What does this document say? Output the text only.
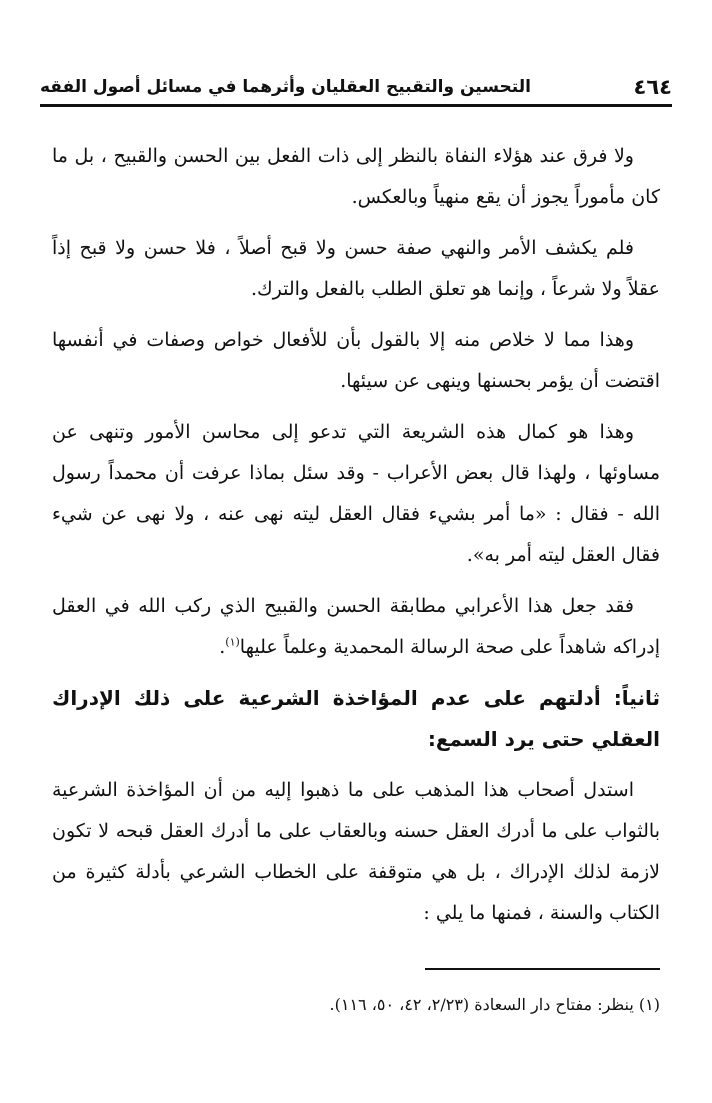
٤٦٤
التحسين والتقبيح العقليان وأثرهما في مسائل أصول الفقه

ولا فرق عند هؤلاء النفاة بالنظر إلى ذات الفعل بين الحسن والقبيح ، بل ما كان مأموراً يجوز أن يقع منهياً وبالعكس.

فلم يكشف الأمر والنهي صفة حسن ولا قبح أصلاً ، فلا حسن ولا قبح إذاً عقلاً ولا شرعاً ، وإنما هو تعلق الطلب بالفعل والترك.

وهذا مما لا خلاص منه إلا بالقول بأن للأفعال خواص وصفات في أنفسها اقتضت أن يؤمر بحسنها وينهى عن سيئها.

وهذا هو كمال هذه الشريعة التي تدعو إلى محاسن الأمور وتنهى عن مساوئها ، ولهذا قال بعض الأعراب - وقد سئل بماذا عرفت أن محمداً رسول الله - فقال : «ما أمر بشيء فقال العقل ليته نهى عنه ، ولا نهى عن شيء فقال العقل ليته أمر به».

فقد جعل هذا الأعرابي مطابقة الحسن والقبيح الذي ركب الله في العقل إدراكه شاهداً على صحة الرسالة المحمدية وعلماً عليها$^{(١)}$.

ثانياً: أدلتهم على عدم المؤاخذة الشرعية على ذلك الإدراك العقلي حتى يرد السمع:

استدل أصحاب هذا المذهب على ما ذهبوا إليه من أن المؤاخذة الشرعية بالثواب على ما أدرك العقل حسنه وبالعقاب على ما أدرك العقل قبحه لا تكون لازمة لذلك الإدراك ، بل هي متوقفة على الخطاب الشرعي بأدلة كثيرة من الكتاب والسنة ، فمنها ما يلي :

(١) ينظر: مفتاح دار السعادة (٢/٢٣، ٤٢، ٥٠، ١١٦).
